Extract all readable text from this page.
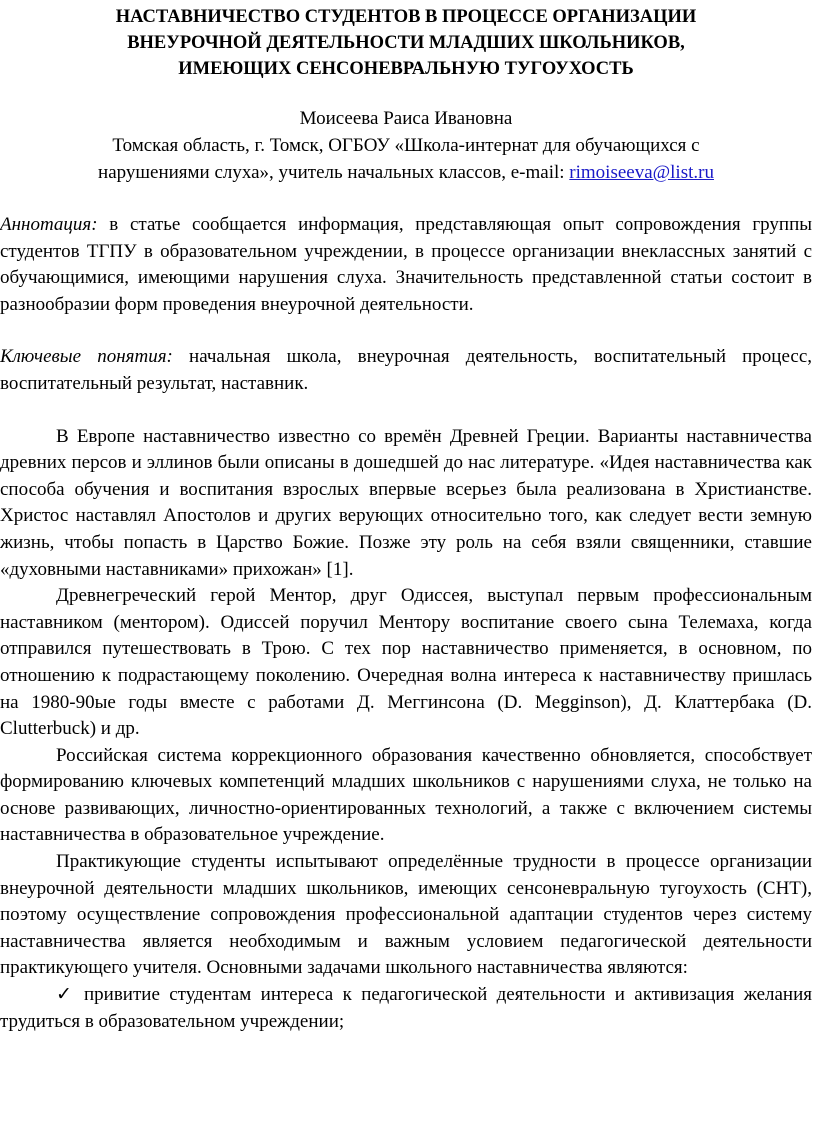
НАСТАВНИЧЕСТВО СТУДЕНТОВ В ПРОЦЕССЕ ОРГАНИЗАЦИИ
ВНЕУРОЧНОЙ ДЕЯТЕЛЬНОСТИ МЛАДШИХ ШКОЛЬНИКОВ,
ИМЕЮЩИХ СЕНСОНЕВРАЛЬНУЮ ТУГОУХОСТЬ
Моисеева Раиса Ивановна
Томская область, г. Томск, ОГБОУ «Школа-интернат для обучающихся с
нарушениями слуха», учитель начальных классов, e-mail: rimoiseeva@list.ru

Аннотация: в статье сообщается информация, представляющая опыт сопровождения группы студентов ТГПУ в образовательном учреждении, в процессе организации внеклассных занятий с обучающимися, имеющими нарушения слуха. Значительность представленной статьи состоит в разнообразии форм проведения внеурочной деятельности.

Ключевые понятия: начальная школа, внеурочная деятельность, воспитательный процесс, воспитательный результат, наставник.

В Европе наставничество известно со времён Древней Греции. Варианты наставничества древних персов и эллинов были описаны в дошедшей до нас литературе. «Идея наставничества как способа обучения и воспитания взрослых впервые всерьез была реализована в Христианстве. Христос наставлял Апостолов и других верующих относительно того, как следует вести земную жизнь, чтобы попасть в Царство Божие. Позже эту роль на себя взяли священники, ставшие «духовными наставниками» прихожан» [1].

Древнегреческий герой Ментор, друг Одиссея, выступал первым профессиональным наставником (ментором). Одиссей поручил Ментору воспитание своего сына Телемаха, когда отправился путешествовать в Трою. С тех пор наставничество применяется, в основном, по отношению к подрастающему поколению. Очередная волна интереса к наставничеству пришлась на 1980-90ые годы вместе с работами Д. Меггинсона (D. Megginson), Д. Клаттербака (D. Clutterbuck) и др.

Российская система коррекционного образования качественно обновляется, способствует формированию ключевых компетенций младших школьников с нарушениями слуха, не только на основе развивающих, личностно-ориентированных технологий, а также с включением системы наставничества в образовательное учреждение.

Практикующие студенты испытывают определённые трудности в процессе организации внеурочной деятельности младших школьников, имеющих сенсоневральную тугоухость (СНТ), поэтому осуществление сопровождения профессиональной адаптации студентов через систему наставничества является необходимым и важным условием педагогической деятельности практикующего учителя. Основными задачами школьного наставничества являются:

✓ привитие студентам интереса к педагогической деятельности и активизация желания трудиться в образовательном учреждении;
